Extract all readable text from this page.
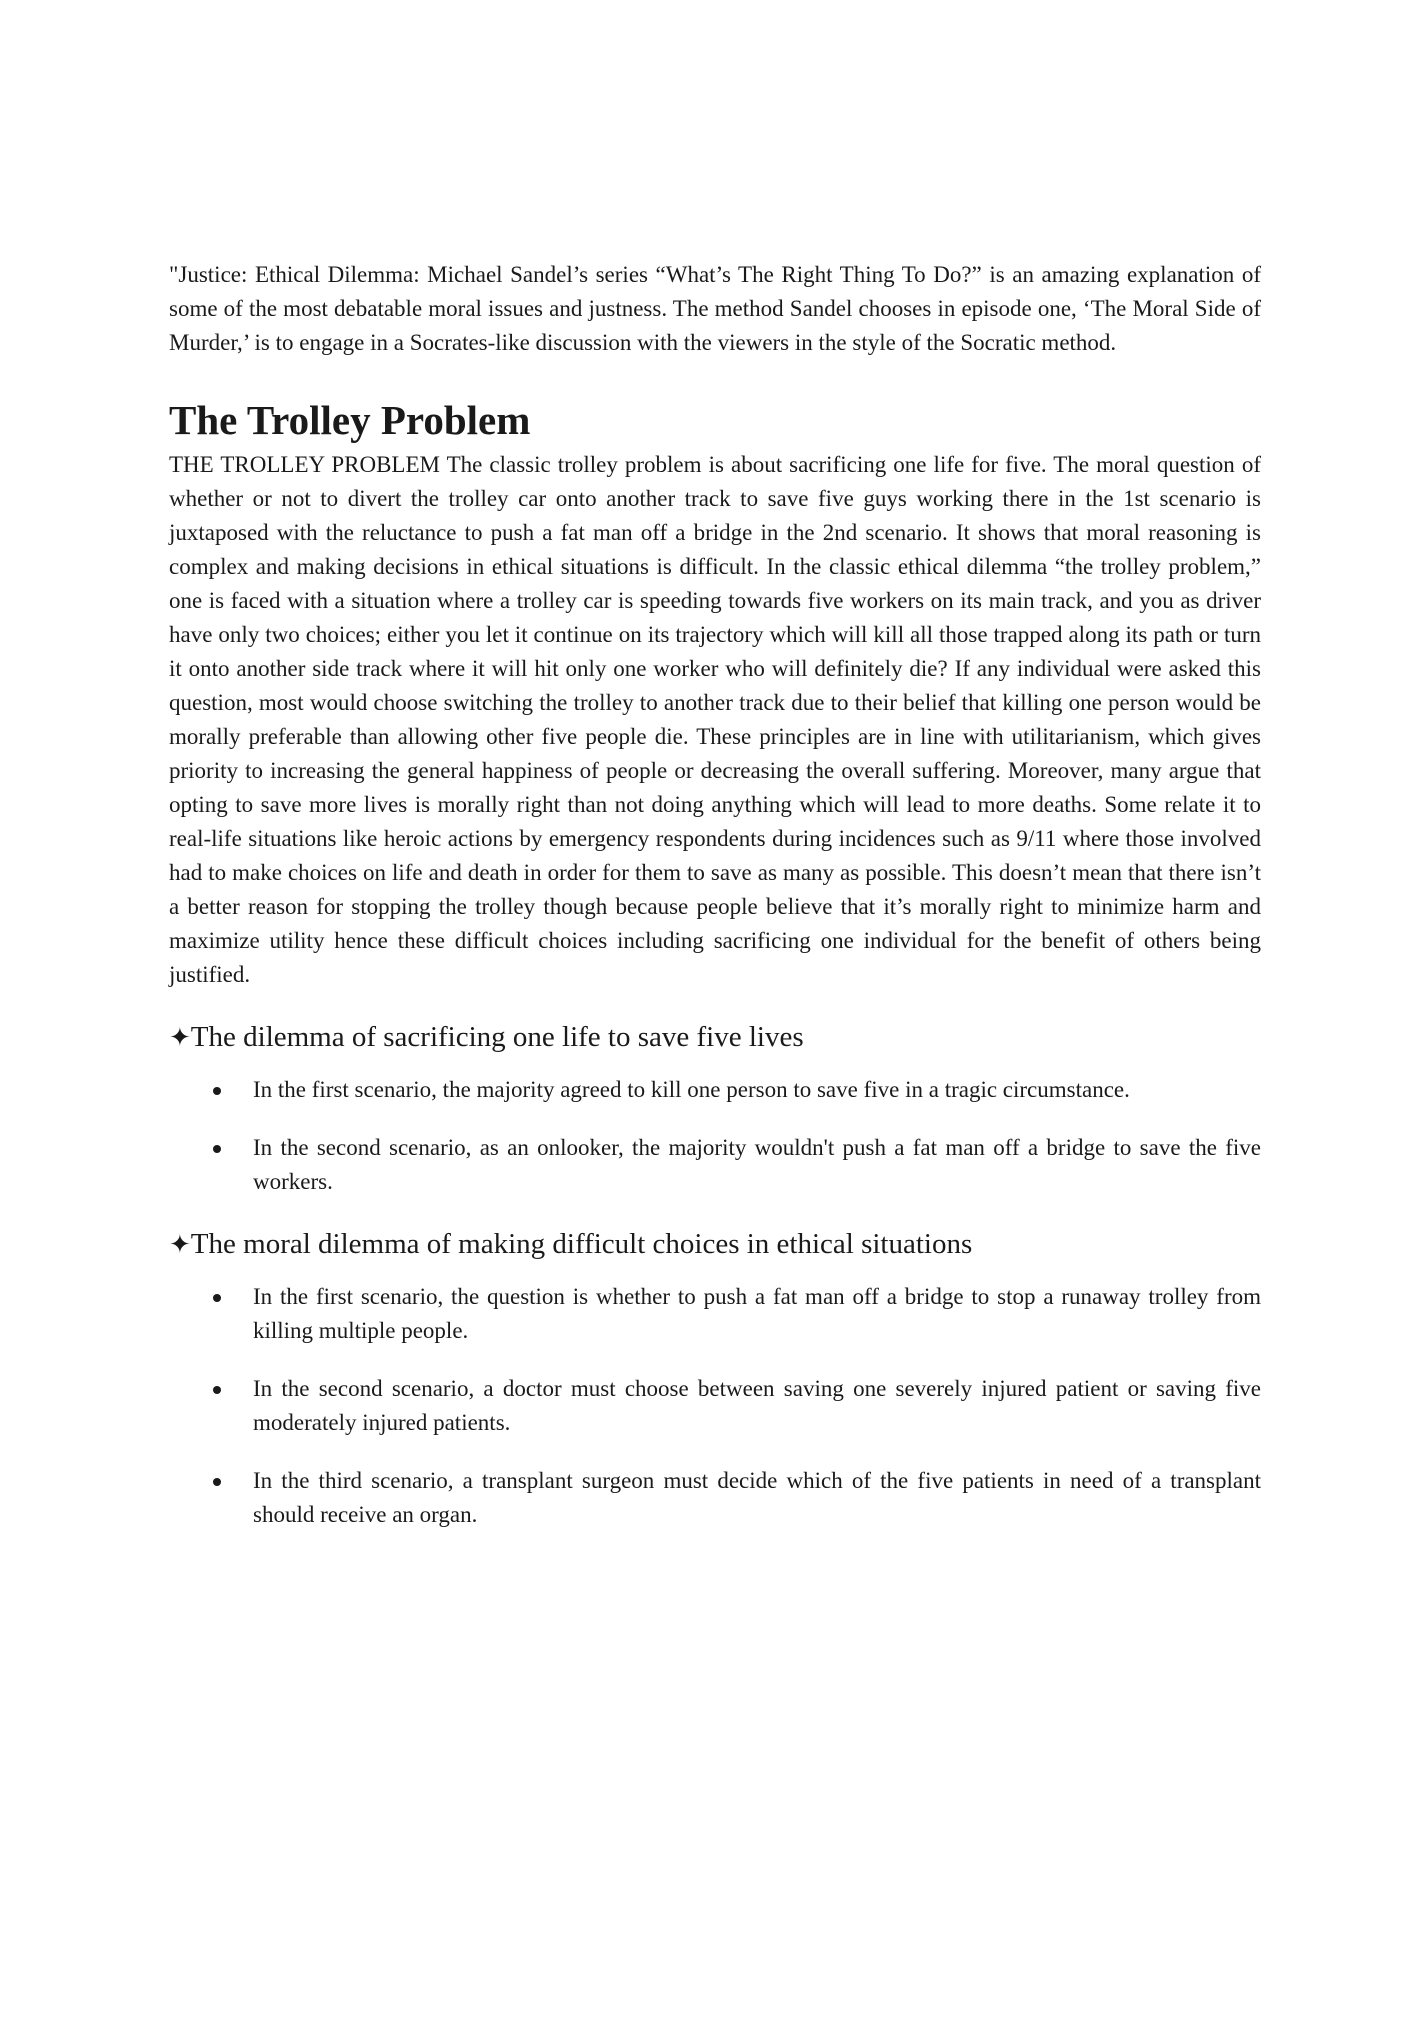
"Justice: Ethical Dilemma: Michael Sandel’s series “What’s The Right Thing To Do?” is an amazing explanation of some of the most debatable moral issues and justness. The method Sandel chooses in episode one, ‘The Moral Side of Murder,’ is to engage in a Socrates-like discussion with the viewers in the style of the Socratic method.

The Trolley Problem

THE TROLLEY PROBLEM The classic trolley problem is about sacrificing one life for five. The moral question of whether or not to divert the trolley car onto another track to save five guys working there in the 1st scenario is juxtaposed with the reluctance to push a fat man off a bridge in the 2nd scenario. It shows that moral reasoning is complex and making decisions in ethical situations is difficult. In the classic ethical dilemma “the trolley problem,” one is faced with a situation where a trolley car is speeding towards five workers on its main track, and you as driver have only two choices; either you let it continue on its trajectory which will kill all those trapped along its path or turn it onto another side track where it will hit only one worker who will definitely die? If any individual were asked this question, most would choose switching the trolley to another track due to their belief that killing one person would be morally preferable than allowing other five people die. These principles are in line with utilitarianism, which gives priority to increasing the general happiness of people or decreasing the overall suffering. Moreover, many argue that opting to save more lives is morally right than not doing anything which will lead to more deaths. Some relate it to real-life situations like heroic actions by emergency respondents during incidences such as 9/11 where those involved had to make choices on life and death in order for them to save as many as possible. This doesn’t mean that there isn’t a better reason for stopping the trolley though because people believe that it’s morally right to minimize harm and maximize utility hence these difficult choices including sacrificing one individual for the benefit of others being justified.

✦The dilemma of sacrificing one life to save five lives
In the first scenario, the majority agreed to kill one person to save five in a tragic circumstance.
In the second scenario, as an onlooker, the majority wouldn't push a fat man off a bridge to save the five workers.
✦The moral dilemma of making difficult choices in ethical situations
In the first scenario, the question is whether to push a fat man off a bridge to stop a runaway trolley from killing multiple people.
In the second scenario, a doctor must choose between saving one severely injured patient or saving five moderately injured patients.
In the third scenario, a transplant surgeon must decide which of the five patients in need of a transplant should receive an organ.
